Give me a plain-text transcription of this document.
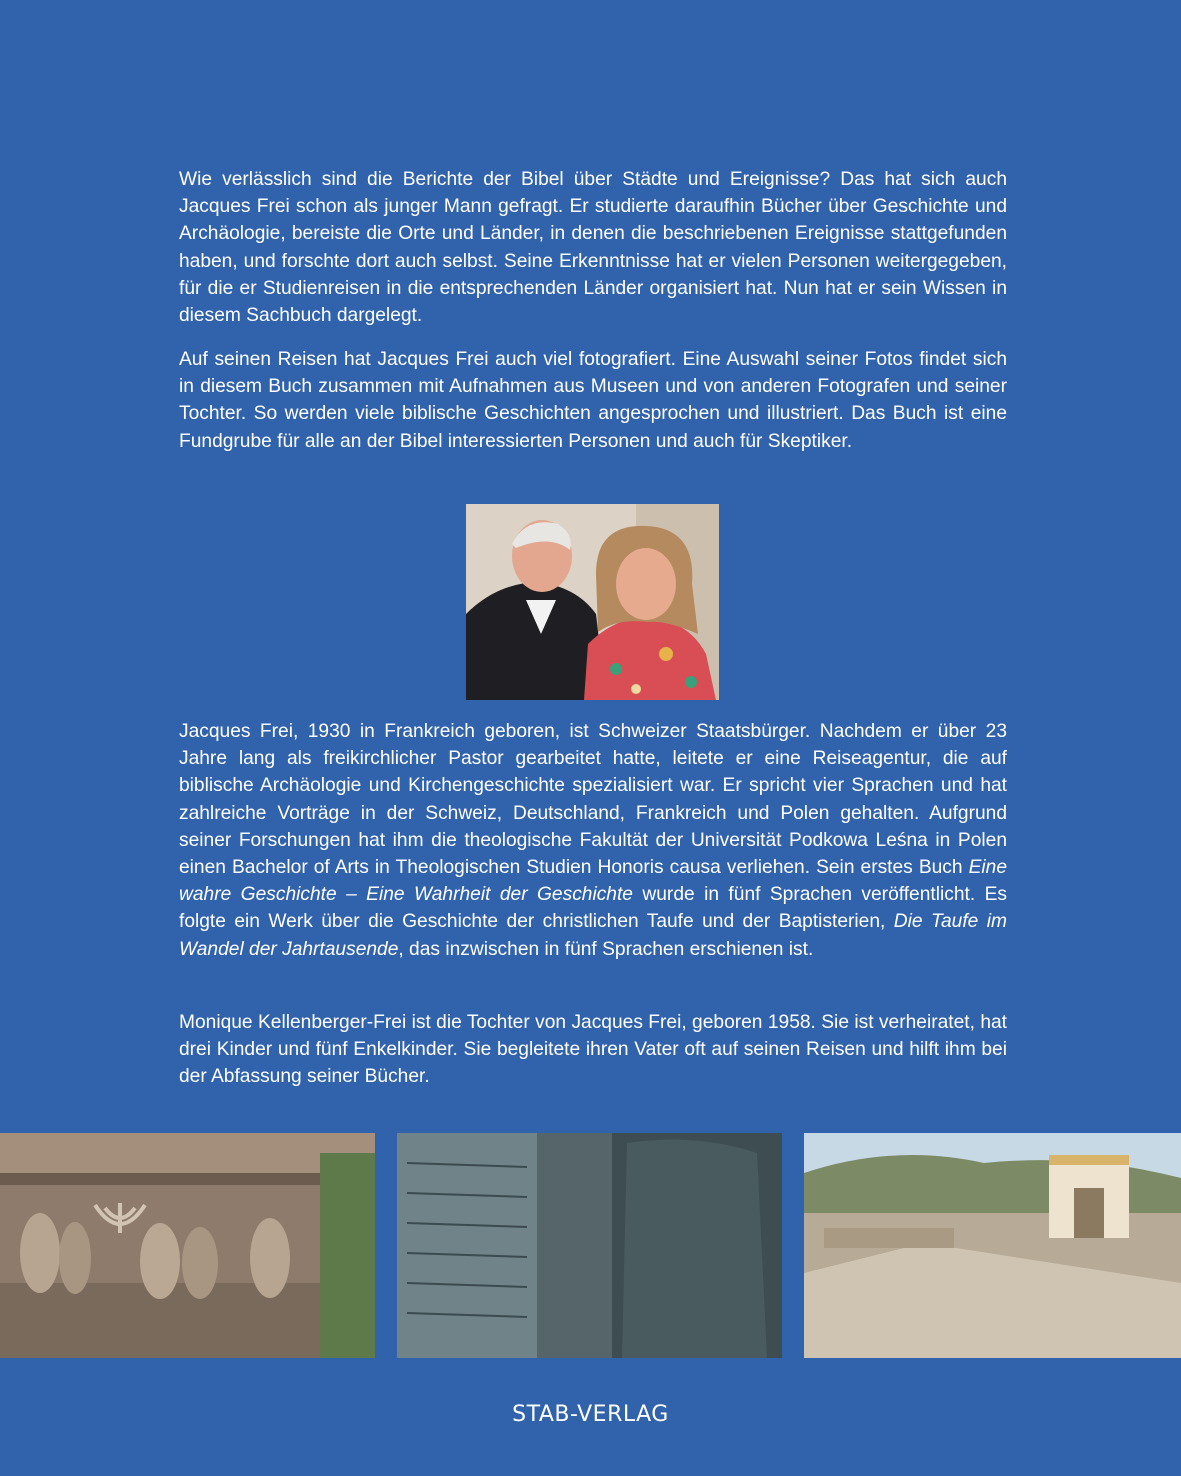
Wie verlässlich sind die Berichte der Bibel über Städte und Ereignisse? Das hat sich auch Jacques Frei schon als junger Mann gefragt. Er studierte daraufhin Bücher über Geschichte und Archäologie, bereiste die Orte und Länder, in denen die beschriebenen Ereignisse stattgefunden haben, und forschte dort auch selbst. Seine Erkenntnisse hat er vielen Personen weitergegeben, für die er Studienreisen in die entsprechenden Länder organisiert hat. Nun hat er sein Wissen in diesem Sachbuch dargelegt.

Auf seinen Reisen hat Jacques Frei auch viel fotografiert. Eine Auswahl seiner Fotos findet sich in diesem Buch zusammen mit Aufnahmen aus Museen und von anderen Fotografen und seiner Tochter. So werden viele biblische Geschichten angesprochen und illustriert. Das Buch ist eine Fundgrube für alle an der Bibel interessierten Personen und auch für Skeptiker.

Jacques Frei, 1930 in Frankreich geboren, ist Schweizer Staatsbürger. Nachdem er über 23 Jahre lang als freikirchlicher Pastor gearbeitet hatte, leitete er eine Reiseagentur, die auf biblische Archäologie und Kirchengeschichte spezialisiert war. Er spricht vier Sprachen und hat zahlreiche Vorträge in der Schweiz, Deutschland, Frankreich und Polen gehalten. Aufgrund seiner Forschungen hat ihm die theologische Fakultät der Universität Podkowa Leśna in Polen einen Bachelor of Arts in Theologischen Studien Honoris causa verliehen. Sein erstes Buch Eine wahre Geschichte – Eine Wahrheit der Geschichte wurde in fünf Sprachen veröffentlicht. Es folgte ein Werk über die Geschichte der christlichen Taufe und der Baptisterien, Die Taufe im Wandel der Jahrtausende, das inzwischen in fünf Sprachen erschienen ist.

Monique Kellenberger-Frei ist die Tochter von Jacques Frei, geboren 1958. Sie ist verheiratet, hat drei Kinder und fünf Enkelkinder. Sie begleitete ihren Vater oft auf seinen Reisen und hilft ihm bei der Abfassung seiner Bücher.

STAB-VERLAG
